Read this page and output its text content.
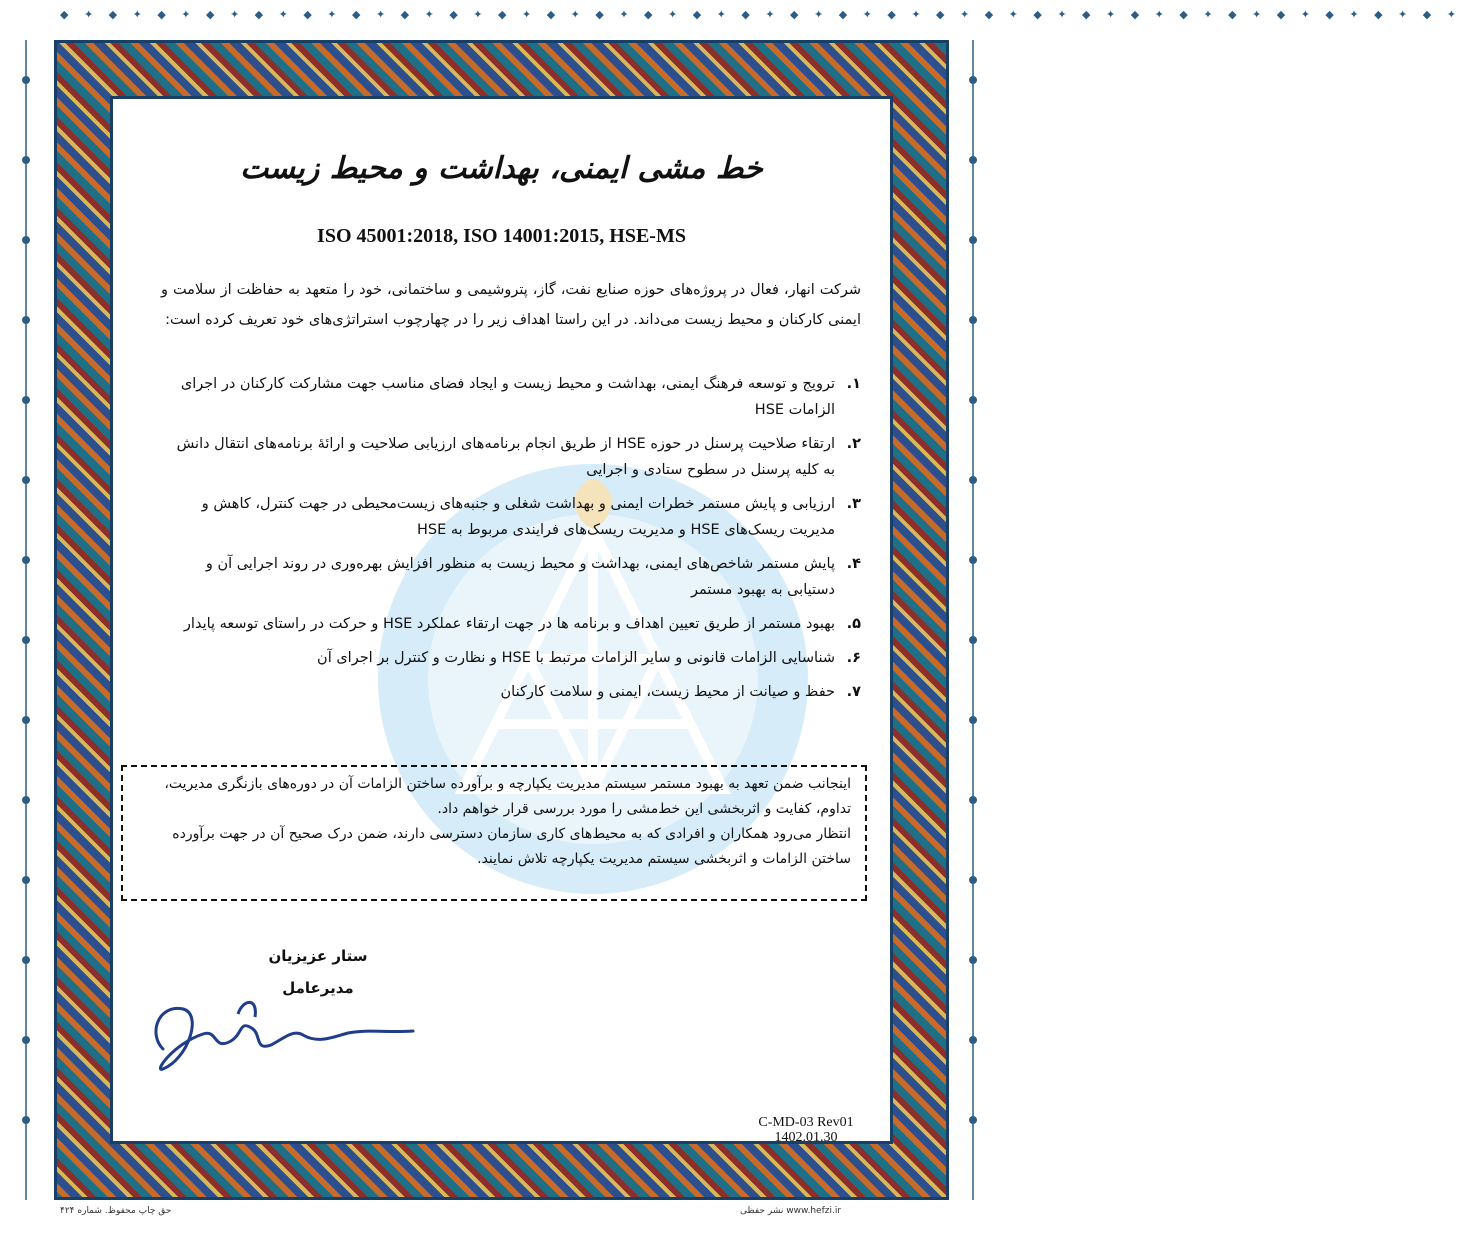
◆ ✦ ◆ ✦ ◆ ✦ ◆ ✦ ◆ ✦ ◆ ✦ ◆ ✦ ◆ ✦ ◆ ✦ ◆ ✦ ◆ ✦ ◆ ✦ ◆ ✦ ◆ ✦ ◆ ✦ ◆ ✦ ◆ ✦ ◆ ✦ ◆ ✦ ◆ ✦ ◆ ✦ ◆ ✦ ◆ ✦ ◆ ✦ ◆ ✦ ◆ ✦ ◆ ✦ ◆ ✦ ◆ ✦
خط مشی ایمنی، بهداشت و محیط زیست
ISO 45001:2018, ISO 14001:2015, HSE-MS
شرکت انهار، فعال در پروژه‌های حوزه صنایع نفت، گاز، پتروشیمی و ساختمانی، خود را متعهد به حفاظت از سلامت و ایمنی کارکنان و محیط زیست می‌داند. در این راستا اهداف زیر را در چهارچوب استراتژی‌های خود تعریف کرده است:
۱.
ترویج و توسعه فرهنگ ایمنی، بهداشت و محیط زیست و ایجاد فضای مناسب جهت مشارکت کارکنان در اجرای الزامات HSE
۲.
ارتقاء صلاحیت پرسنل در حوزه HSE از طریق انجام برنامه‌های ارزیابی صلاحیت و ارائهٔ برنامه‌های انتقال دانش به کلیه پرسنل در سطوح ستادی و اجرایی
۳.
ارزیابی و پایش مستمر خطرات ایمنی و بهداشت شغلی و جنبه‌های زیست‌محیطی در جهت کنترل، کاهش و مدیریت ریسک‌های HSE و مدیریت ریسک‌های فرایندی مربوط به HSE
۴.
پایش مستمر شاخص‌های ایمنی، بهداشت و محیط زیست به منظور افزایش بهره‌وری در روند اجرایی آن و دستیابی به بهبود مستمر
۵.
بهبود مستمر از طریق تعیین اهداف و برنامه ها در جهت ارتقاء عملکرد HSE و حرکت در راستای توسعه پایدار
۶.
شناسایی الزامات قانونی و سایر الزامات مرتبط با HSE و نظارت و کنترل بر اجرای آن
۷.
حفظ و صیانت از محیط زیست، ایمنی و سلامت کارکنان

اینجانب ضمن تعهد به بهبود مستمر سیستم مدیریت یکپارچه و برآورده ساختن الزامات آن در دوره‌های بازنگری مدیریت، تداوم، کفایت و اثربخشی این خط‌مشی را مورد بررسی قرار خواهم داد.

انتظار می‌رود همکاران و افرادی که به محیط‌های کاری سازمان دسترسی دارند، ضمن درک صحیح آن در جهت برآورده ساختن الزامات و اثربخشی سیستم مدیریت یکپارچه تلاش نمایند.

ستار عزیزیان
مدیرعامل
C-MD-03 Rev01
1402.01.30
حق چاپ محفوظ. شماره ۴۲۴	www.hefzi.ir نشر حفظی
